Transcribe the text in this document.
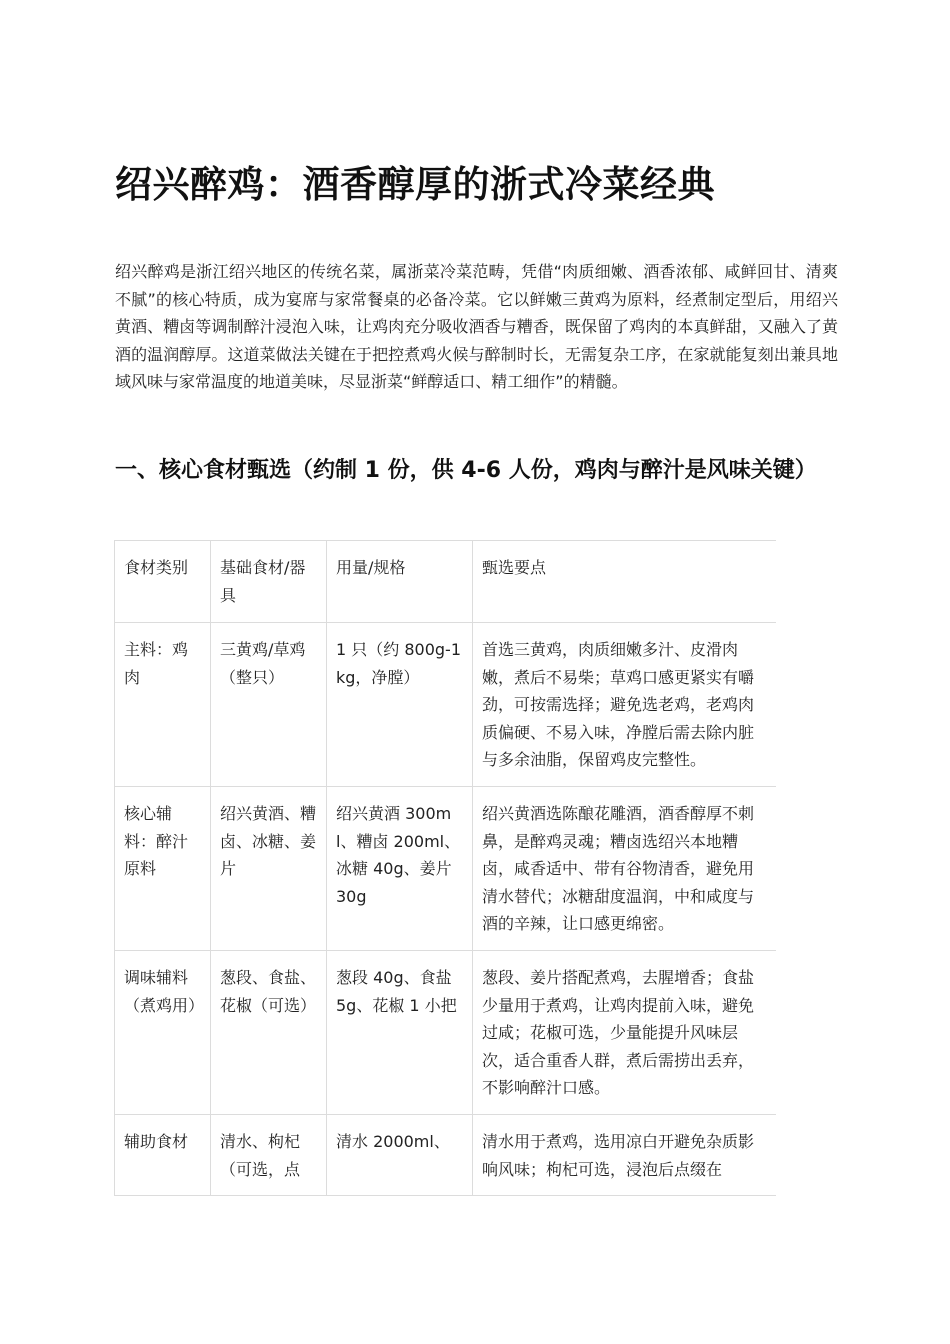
绍兴醉鸡：酒香醇厚的浙式冷菜经典

绍兴醉鸡是浙江绍兴地区的传统名菜，属浙菜冷菜范畴，凭借“肉质细嫩、酒香浓郁、咸鲜回甘、清爽不腻”的核心特质，成为宴席与家常餐桌的必备冷菜。它以鲜嫩三黄鸡为原料，经煮制定型后，用绍兴黄酒、糟卤等调制醉汁浸泡入味，让鸡肉充分吸收酒香与糟香，既保留了鸡肉的本真鲜甜，又融入了黄酒的温润醇厚。这道菜做法关键在于把控煮鸡火候与醉制时长，无需复杂工序，在家就能复刻出兼具地域风味与家常温度的地道美味，尽显浙菜“鲜醇适口、精工细作”的精髓。

一、核心食材甄选（约制 1 份，供 4-6 人份，鸡肉与醉汁是风味关键）
食材类别	基础食材/器具	用量/规格	甄选要点
主料：鸡肉	三黄鸡/草鸡（整只）	1 只（约 800g-1kg，净膛）	首选三黄鸡，肉质细嫩多汁、皮滑肉嫩，煮后不易柴；草鸡口感更紧实有嚼劲，可按需选择；避免选老鸡，老鸡肉质偏硬、不易入味，净膛后需去除内脏与多余油脂，保留鸡皮完整性。
核心辅料：醉汁原料	绍兴黄酒、糟卤、冰糖、姜片	绍兴黄酒 300ml、糟卤 200ml、冰糖 40g、姜片 30g	绍兴黄酒选陈酿花雕酒，酒香醇厚不刺鼻，是醉鸡灵魂；糟卤选绍兴本地糟卤，咸香适中、带有谷物清香，避免用清水替代；冰糖甜度温润，中和咸度与酒的辛辣，让口感更绵密。
调味辅料（煮鸡用）	葱段、食盐、花椒（可选）	葱段 40g、食盐 5g、花椒 1 小把	葱段、姜片搭配煮鸡，去腥增香；食盐少量用于煮鸡，让鸡肉提前入味，避免过咸；花椒可选，少量能提升风味层次，适合重香人群，煮后需捞出丢弃，不影响醉汁口感。
辅助食材	清水、枸杞（可选，点	清水 2000ml、	清水用于煮鸡，选用凉白开避免杂质影响风味；枸杞可选，浸泡后点缀在
